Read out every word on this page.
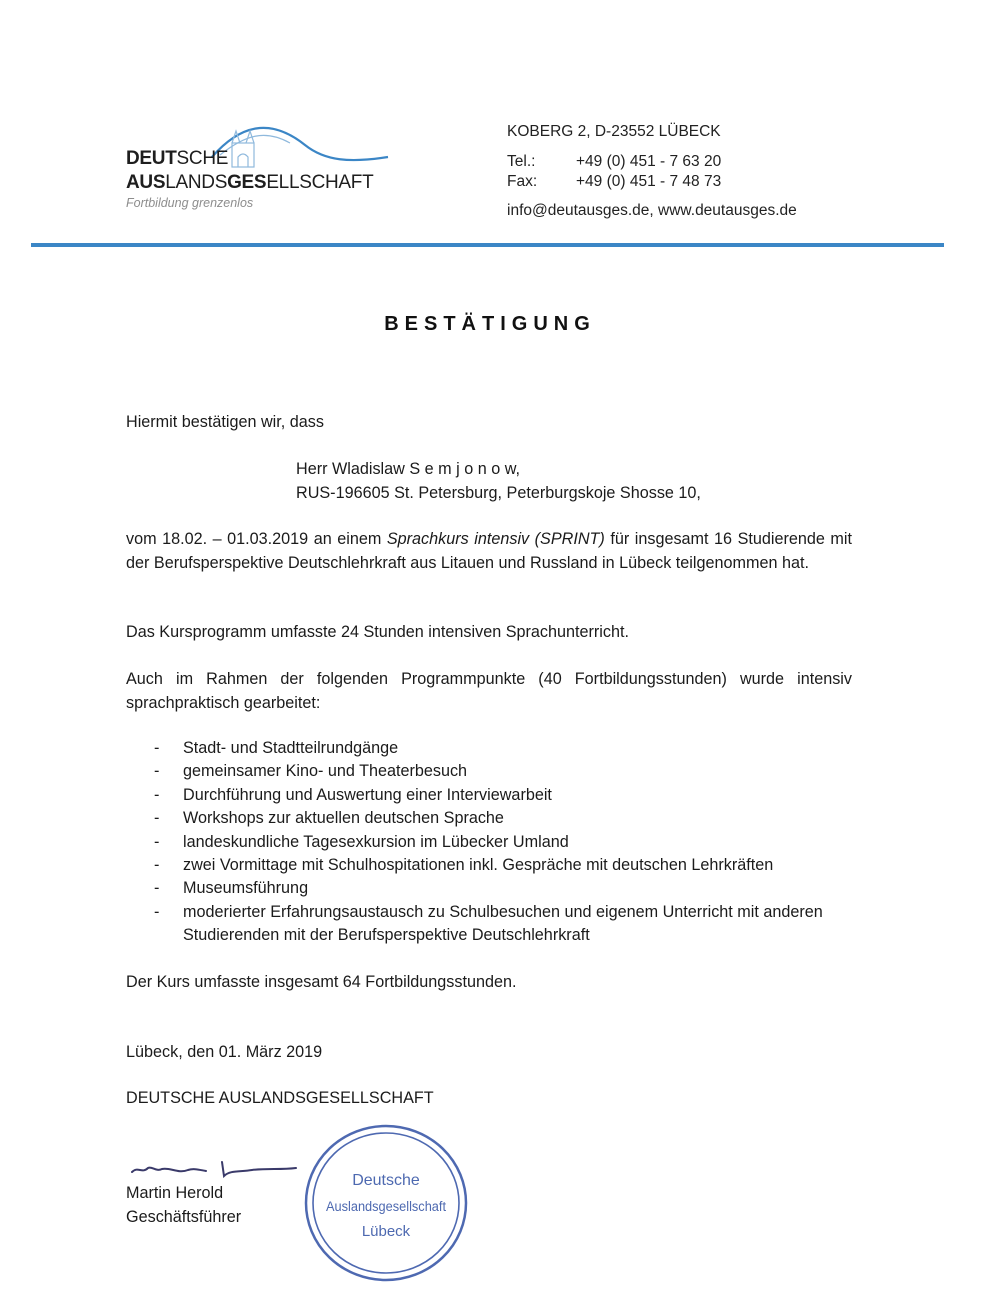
DEUTSCHE
AUSLANDSGESELLSCHAFT
Fortbildung grenzenlos
KOBERG 2, D-23552 LÜBECK
Tel.:	+49 (0) 451 - 7 63 20
Fax:	+49 (0) 451 - 7 48 73
info@deutausges.de, www.deutausges.de
BESTÄTIGUNG
Hiermit bestätigen wir, dass
Herr Wladislaw S e m j o n o w,
RUS-196605 St. Petersburg, Peterburgskoje Shosse 10,
vom 18.02. – 01.03.2019 an einem Sprachkurs intensiv (SPRINT) für insgesamt 16 Studierende mit der Berufsperspektive Deutschlehrkraft aus Litauen und Russland in Lübeck teilgenommen hat.
Das Kursprogramm umfasste 24 Stunden intensiven Sprachunterricht.
Auch im Rahmen der folgenden Programmpunkte (40 Fortbildungsstunden) wurde intensiv sprachpraktisch gearbeitet:
- Stadt- und Stadtteilrundgänge
- gemeinsamer Kino- und Theaterbesuch
- Durchführung und Auswertung einer Interviewarbeit
- Workshops zur aktuellen deutschen Sprache
- landeskundliche Tagesexkursion im Lübecker Umland
- zwei Vormittage mit Schulhospitationen inkl. Gespräche mit deutschen Lehrkräften
- Museumsführung
- moderierter Erfahrungsaustausch zu Schulbesuchen und eigenem Unterricht mit anderen Studierenden mit der Berufsperspektive Deutschlehrkraft
Der Kurs umfasste insgesamt 64 Fortbildungsstunden.
Lübeck, den 01. März 2019
DEUTSCHE AUSLANDSGESELLSCHAFT
Martin Herold
Geschäftsführer
Deutsche
Auslandsgesellschaft
Lübeck
